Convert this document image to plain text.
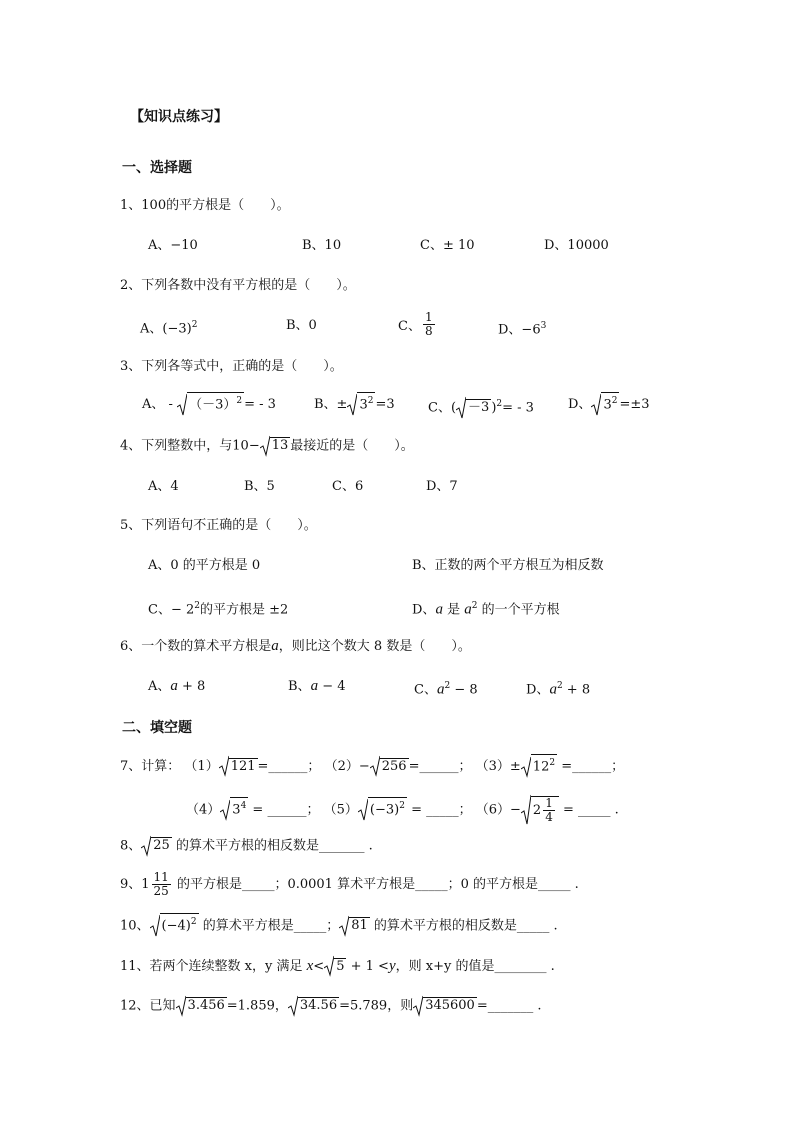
【知识点练习】
一、选择题
1、100的平方根是（　　）。
A、−10	B、10	C、± 10	D、10000
2、下列各数中没有平方根的是（　　）。
A、$(-3)^2$	B、0	C、 $\frac{1}{8}$	D、$-6^3$
3、下列各等式中，正确的是（　　）。
A、 - $(-3)^2$ = - 3	B、± $3^2 =3$	C、( －3 )$^2$= - 3	D、 $3^2 =\pm 3$
4、下列整数中，与10− 13 最接近的是（　　）。
A、4	B、5	C、6	D、7
5、下列语句不正确的是（　　）。
A、0 的平方根是 0	B、正数的两个平方根互为相反数
C、− $2^2$的平方根是 ±2	D、a 是 $a^2$ 的一个平方根
6、一个数的算术平方根是a，则比这个数大 8 数是（　　）。
A、a + 8	B、a − 4	C、$a^2 - 8$	D、$a^2 + 8$
二、填空题
7、计算： （1） 121 =______； （2）− 256 =______； $(3)\pm 12^2$ =______；
（4） $3^4$ = ______； （5） $(-3)^2$ = _____； $(6)- 2 \frac{1}{4}$ = _____ .
8、 25 的算术平方根的相反数是_______ .
9、$1 \frac{11}{25}$ 的平方根是_____；0.0001 算术平方根是_____；0 的平方根是_____ .
10、 $(-4)^2$ 的算术平方根是_____； 81 的算术平方根的相反数是_____ .
11、若两个连续整数 x，y 满足 x< 5 + 1 <y，则 x+y 的值是________ .
12、已知 3.456 =1.859， 34.56 =5.789，则 345600 =_______ .
